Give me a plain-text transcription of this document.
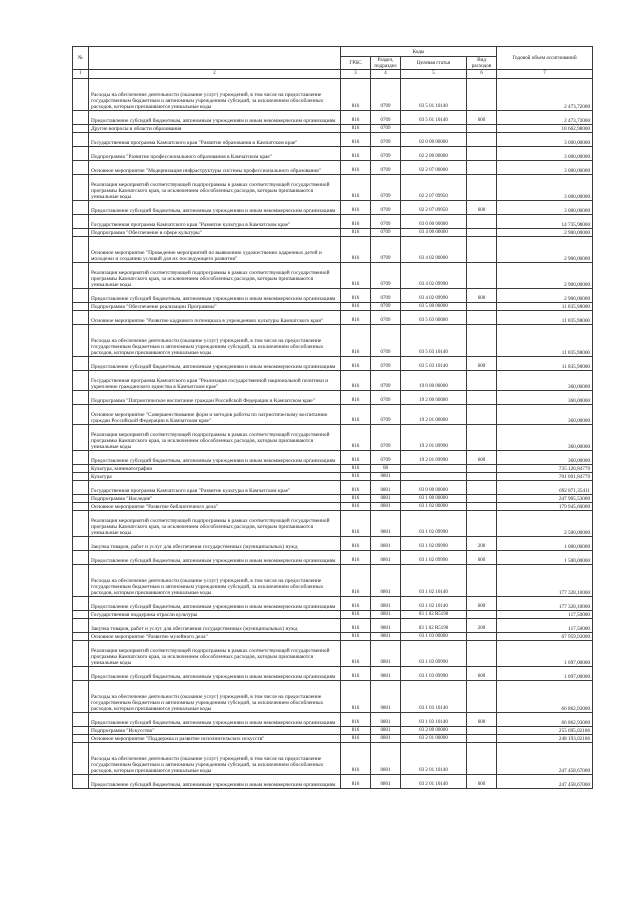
№		Коды				Годовой объем ассигнований
		ГРБС	Раздел, подраздел	Целевая статья	Вид расходов	
1	2	3	4	5	6	7
	Расходы на обеспечение деятельности (оказание услуг) учреждений, в том числе на предоставление государственным бюджетным и автономным учреждениям субсидий, за исключением обособленных расходов, которым присваиваются уникальные коды	816	0709	03 5 01 10140		2 473,72000
	Предоставление субсидий бюджетным, автономным учреждениям и иным некоммерческим организациям	816	0709	03 5 01 10140	600	2 473,72000
	Другие вопросы в области образования	816	0709			18 662,98000
	Государственная программа Камчатского края "Развитие образования в Камчатском крае"	816	0709	02 0 00 00000		3 000,00000
	Подпрограмма "Развитие профессионального образования в Камчатском крае"	816	0709	02 2 00 00000		3 000,00000
	Основное мероприятие "Модернизация инфраструктуры системы профессионального образования"	816	0709	02 2 07 00000		3 000,00000
	Реализация мероприятий соответствующей подпрограммы в рамках соответствующей государственной программы Камчатского края, за исключением обособленных расходов, которым присваиваются уникальные коды	816	0709	02 2 07 09950		3 000,00000
	Предоставление субсидий бюджетным, автономным учреждениям и иным некоммерческим организациям	816	0709	02 2 07 09950	600	3 000,00000
	Государственная программа Камчатского края "Развитие культуры в Камчатском крае"	816	0709	03 0 00 00000		14 735,98000
	Подпрограмма "Обеспечение в сфере культуры"	816	0709	03 4 00 00000		2 900,00000
	Основное мероприятие "Проведение мероприятий по выявлению художественно одаренных детей и молодежи и созданию условий для их последующего развития"	816	0709	03 4 02 00000		2 900,00000
	Реализация мероприятий соответствующей подпрограммы в рамках соответствующей государственной программы Камчатского края, за исключением обособленных расходов, которым присваиваются уникальные коды	816	0709	03 4 02 09990		2 900,00000
	Предоставление субсидий бюджетным, автономным учреждениям и иным некоммерческим организациям	816	0709	03 4 02 09990	600	2 900,00000
	Подпрограмма "Обеспечение реализации Программы"	816	0709	03 5 00 00000		11 835,98000
	Основное мероприятие "Развитие кадрового потенциала в учреждениях культуры Камчатского края"	816	0709	03 5 03 00000		11 835,98000
	Расходы на обеспечение деятельности (оказание услуг) учреждений, в том числе на предоставление государственным бюджетным и автономным учреждениям субсидий, за исключением обособленных расходов, которым присваиваются уникальные коды	816	0709	03 5 03 10140		11 835,98000
	Предоставление субсидий бюджетным, автономным учреждениям и иным некоммерческим организациям	816	0709	03 5 03 10140	600	11 835,98000
	Государственная программа Камчатского края "Реализация государственной национальной политики и укрепление гражданского единства в Камчатском крае"	816	0709	19 0 00 00000		360,00000
	Подпрограмма "Патриотическое воспитание граждан Российской Федерации в Камчатском крае"	816	0709	19 2 00 00000		360,00000
	Основное мероприятие "Совершенствование форм и методов работы по патриотическому воспитанию граждан Российской Федерации в Камчатском крае"	816	0709	19 2 01 00000		360,00000
	Реализация мероприятий соответствующей подпрограммы в рамках соответствующей государственной программы Камчатского края, за исключением обособленных расходов, которым присваиваются уникальные коды	816	0709	19 2 01 09990		360,00000
	Предоставление субсидий бюджетным, автономным учреждениям и иным некоммерческим организациям	816	0709	19 2 01 09990	600	360,00000
	Культура, кинематография	816	08			735 126,84779
	Культура	816	0801			701 091,84779
	Государственная программа Камчатского края "Развитие культуры в Камчатском крае"	816	0801	03 0 00 00000		692 871,35411
	Подпрограмма "Наследие"	816	0801	03 1 00 00000		247 905,53000
	Основное мероприятие "Развитие библиотечного дела"	816	0801	03 1 02 00000		179 945,60000
	Реализация мероприятий соответствующей подпрограммы в рамках соответствующей государственной программы Камчатского края, за исключением обособленных расходов, которым присваиваются уникальные коды	816	0801	03 1 02 09990		2 500,00000
	Закупка товаров, работ и услуг для обеспечения государственных (муниципальных) нужд	816	0801	03 1 02 09990	200	1 000,00000
	Предоставление субсидий бюджетным, автономным учреждениям и иным некоммерческим организациям	816	0801	03 1 02 09990	600	1 500,00000
	Расходы на обеспечение деятельности (оказание услуг) учреждений, в том числе на предоставление государственным бюджетным и автономным учреждениям субсидий, за исключением обособленных расходов, которым присваиваются уникальные коды	816	0801	03 1 02 10140		177 328,10000
	Предоставление субсидий бюджетным, автономным учреждениям и иным некоммерческим организациям	816	0801	03 1 02 10140	600	177 328,10000
	Государственная поддержка отрасли культуры	816	0801	03 1 02 R5190		117,50000
	Закупка товаров, работ и услуг для обеспечения государственных (муниципальных) нужд	816	0801	03 1 02 R5190	200	117,50000
	Основное мероприятие "Развитие музейного дела"	816	0801	03 1 03 00000		67 959,93000
	Реализация мероприятий соответствующей подпрограммы в рамках соответствующей государственной программы Камчатского края, за исключением обособленных расходов, которым присваиваются уникальные коды	816	0801	03 1 03 09990		1 097,00000
	Предоставление субсидий бюджетным, автономным учреждениям и иным некоммерческим организациям	816	0801	03 1 03 09990	600	1 097,00000
	Расходы на обеспечение деятельности (оказание услуг) учреждений, в том числе на предоставление государственным бюджетным и автономным учреждениям субсидий, за исключением обособленных расходов, которым присваиваются уникальные коды	816	0801	03 1 03 10140		66 862,93000
	Предоставление субсидий бюджетным, автономным учреждениям и иным некоммерческим организациям	816	0801	03 1 03 10140	600	66 862,93000
	Подпрограмма "Искусство"	816	0801	03 2 00 00000		255 695,02186
	Основное мероприятие "Поддержка и развитие исполнительских искусств"	816	0801	03 2 01 00000		248 193,02186
	Расходы на обеспечение деятельности (оказание услуг) учреждений, в том числе на предоставление государственным бюджетным и автономным учреждениям субсидий, за исключением обособленных расходов, которым присваиваются уникальные коды	816	0801	03 2 01 10140		247 458,67000
	Предоставление субсидий бюджетным, автономным учреждениям и иным некоммерческим организациям	816	0801	03 2 01 10140	600	247 458,67000
